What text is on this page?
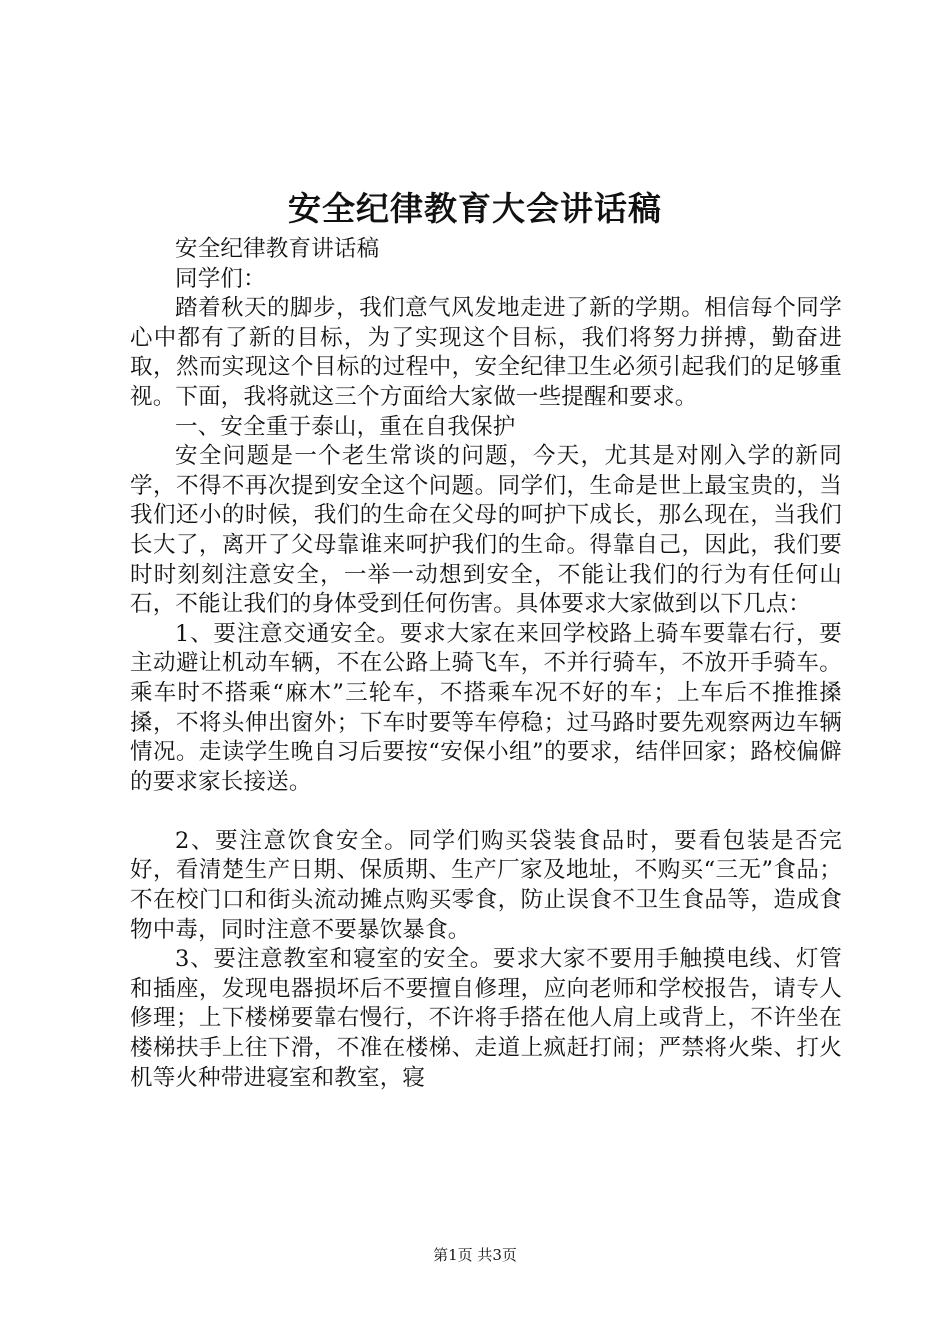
安全纪律教育大会讲话稿

安全纪律教育讲话稿

同学们：

踏着秋天的脚步，我们意气风发地走进了新的学期。相信每个同学心中都有了新的目标，为了实现这个目标，我们将努力拼搏，勤奋进取，然而实现这个目标的过程中，安全纪律卫生必须引起我们的足够重视。下面，我将就这三个方面给大家做一些提醒和要求。

一、安全重于泰山，重在自我保护

安全问题是一个老生常谈的问题，今天，尤其是对刚入学的新同学，不得不再次提到安全这个问题。同学们，生命是世上最宝贵的，当我们还小的时候，我们的生命在父母的呵护下成长，那么现在，当我们长大了，离开了父母靠谁来呵护我们的生命。得靠自己，因此，我们要时时刻刻注意安全，一举一动想到安全，不能让我们的行为有任何山石，不能让我们的身体受到任何伤害。具体要求大家做到以下几点：

1、要注意交通安全。要求大家在来回学校路上骑车要靠右行，要主动避让机动车辆，不在公路上骑飞车，不并行骑车，不放开手骑车。乘车时不搭乘“麻木”三轮车，不搭乘车况不好的车；上车后不推推搡搡，不将头伸出窗外；下车时要等车停稳；过马路时要先观察两边车辆情况。走读学生晚自习后要按“安保小组”的要求，结伴回家；路校偏僻的要求家长接送。

2、要注意饮食安全。同学们购买袋装食品时，要看包装是否完好，看清楚生产日期、保质期、生产厂家及地址，不购买“三无”食品；不在校门口和街头流动摊点购买零食，防止误食不卫生食品等，造成食物中毒，同时注意不要暴饮暴食。

3、要注意教室和寝室的安全。要求大家不要用手触摸电线、灯管和插座，发现电器损坏后不要擅自修理，应向老师和学校报告，请专人修理；上下楼梯要靠右慢行，不许将手搭在他人肩上或背上，不许坐在楼梯扶手上往下滑，不准在楼梯、走道上疯赶打闹；严禁将火柴、打火机等火种带进寝室和教室，寝

第1页 共3页
